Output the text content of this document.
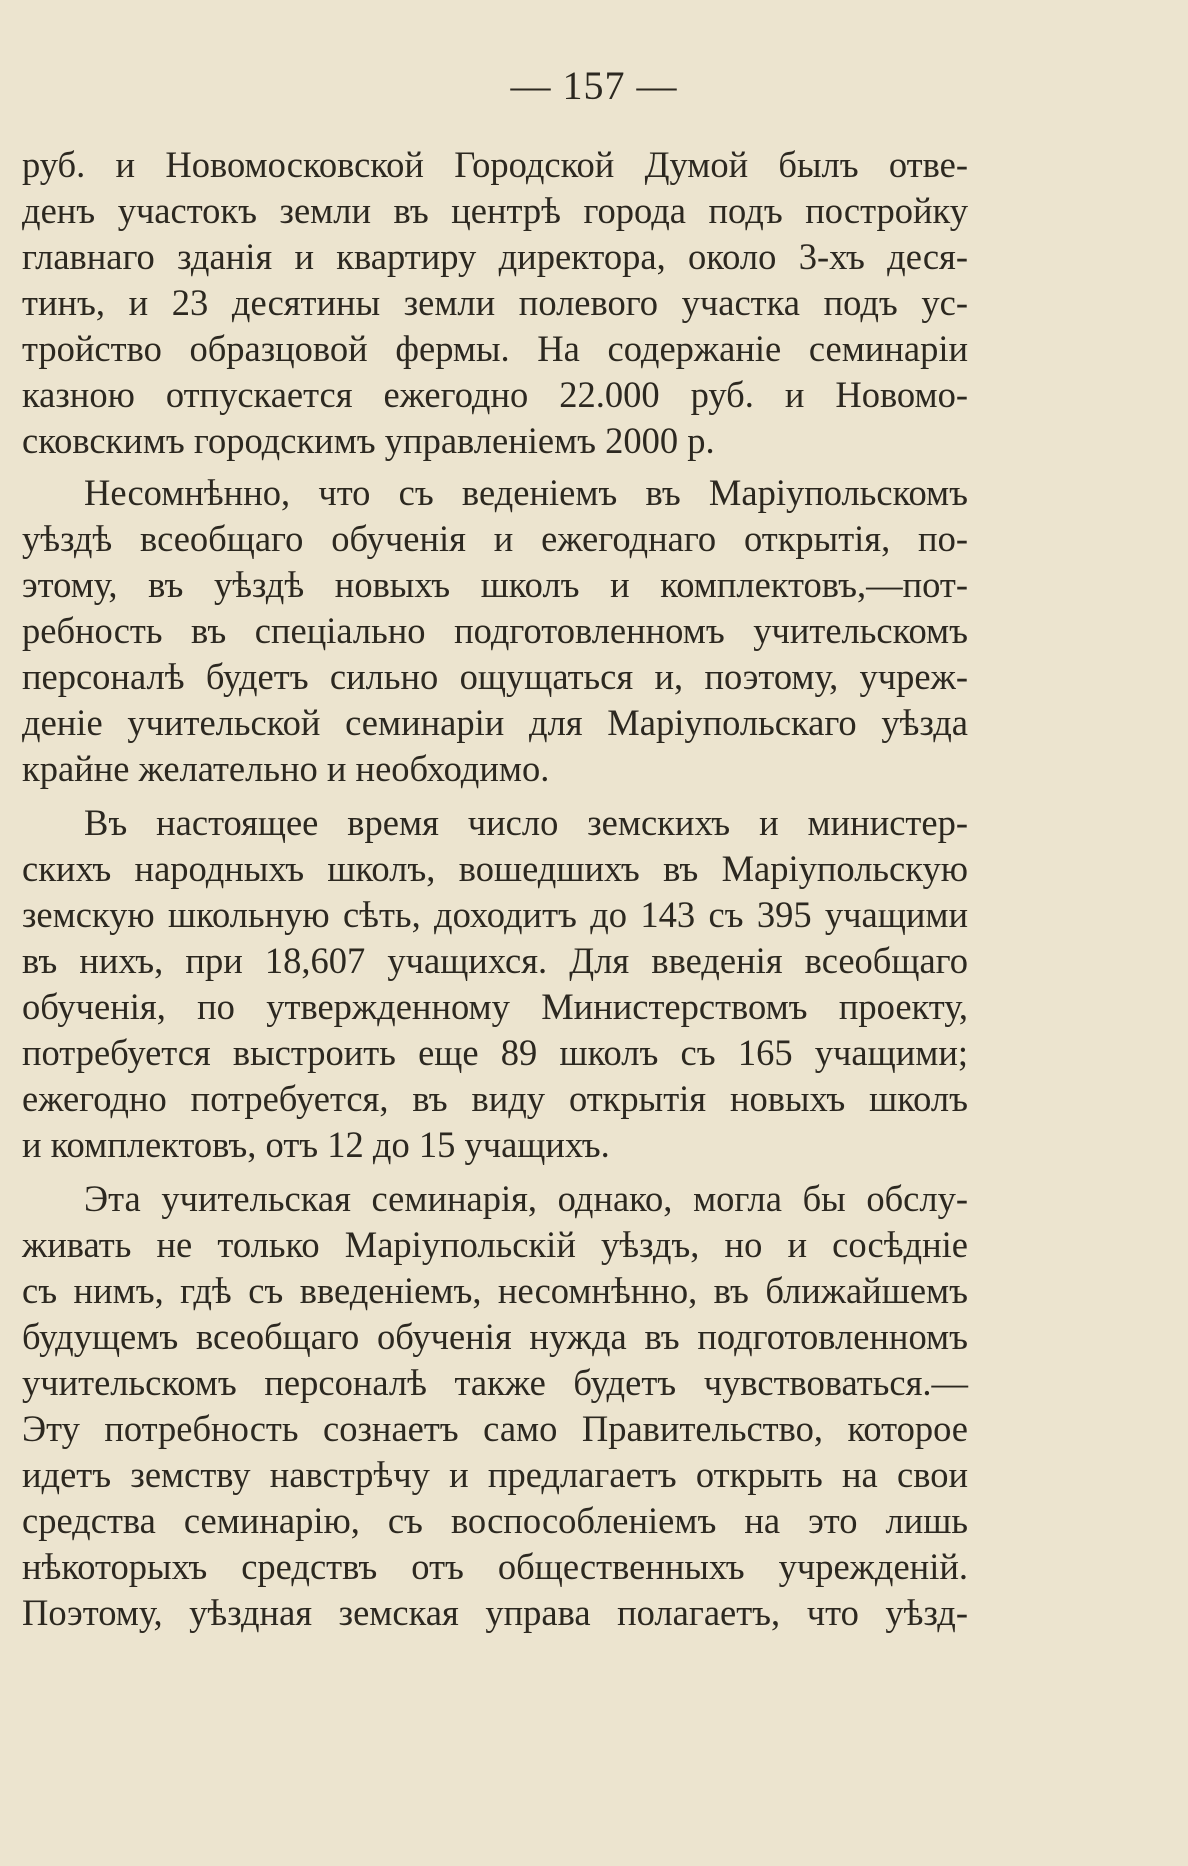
— 157 —
руб. и Новомосковской Городской Думой былъ отве-
денъ участокъ земли въ центрѣ города подъ постройку
главнаго зданія и квартиру директора, около 3-хъ деся-
тинъ, и 23 десятины земли полевого участка подъ ус-
тройство образцовой фермы. На содержаніе семинаріи
казною отпускается ежегодно 22.000 руб. и Новомо-
сковскимъ городскимъ управленіемъ 2000 р.
Несомнѣнно, что съ веденіемъ въ Маріупольскомъ
уѣздѣ всеобщаго обученія и ежегоднаго открытія, по-
этому, въ уѣздѣ новыхъ школъ и комплектовъ,—пот-
ребность въ спеціально подготовленномъ учительскомъ
персоналѣ будетъ сильно ощущаться и, поэтому, учреж-
деніе учительской семинаріи для Маріупольскаго уѣзда
крайне желательно и необходимо.
Въ настоящее время число земскихъ и министер-
скихъ народныхъ школъ, вошедшихъ въ Маріупольскую
земскую школьную сѣть, доходитъ до 143 съ 395 учащими
въ нихъ, при 18,607 учащихся. Для введенія всеобщаго
обученія, по утвержденному Министерствомъ проекту,
потребуется выстроить еще 89 школъ съ 165 учащими;
ежегодно потребуется, въ виду открытія новыхъ школъ
и комплектовъ, отъ 12 до 15 учащихъ.
Эта учительская семинарія, однако, могла бы обслу-
живать не только Маріупольскій уѣздъ, но и сосѣдніе
съ нимъ, гдѣ съ введеніемъ, несомнѣнно, въ ближайшемъ
будущемъ всеобщаго обученія нужда въ подготовленномъ
учительскомъ персоналѣ также будетъ чувствоваться.—
Эту потребность сознаетъ само Правительство, которое
идетъ земству навстрѣчу и предлагаетъ открыть на свои
средства семинарію, съ воспособленіемъ на это лишь
нѣкоторыхъ средствъ отъ общественныхъ учрежденій.
Поэтому, уѣздная земская управа полагаетъ, что уѣзд-
